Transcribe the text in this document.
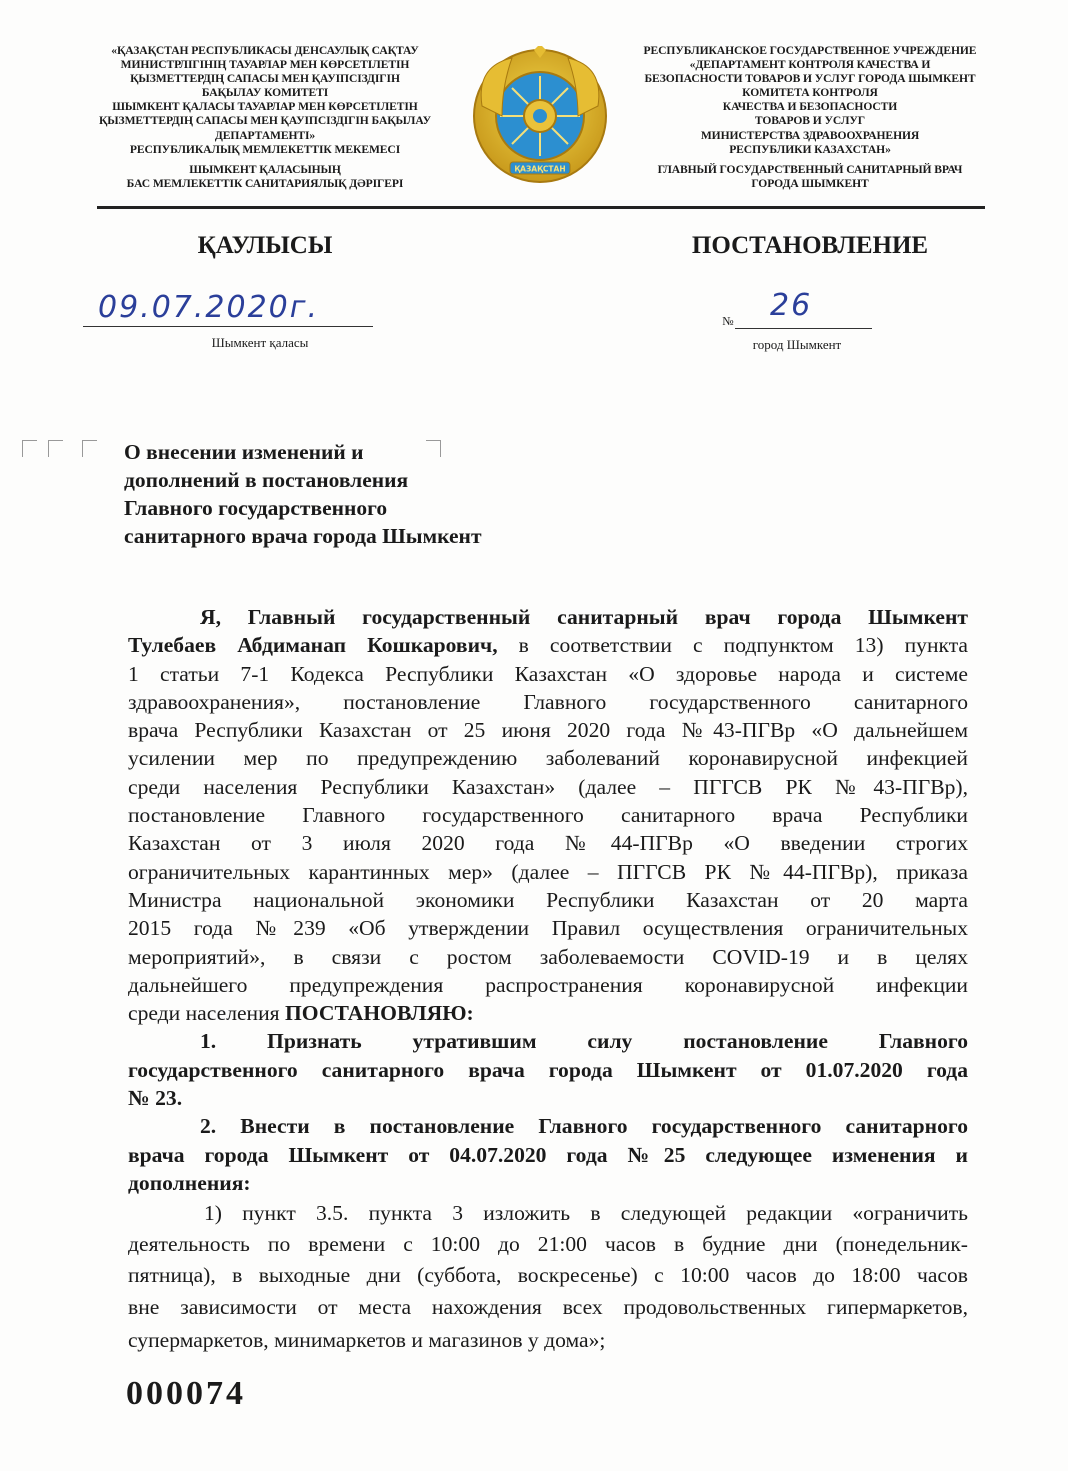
«ҚАЗАҚСТАН РЕСПУБЛИКАСЫ ДЕНСАУЛЫҚ САҚТАУ
МИНИСТРЛІГІНІҢ ТАУАРЛАР МЕН КӨРСЕТІЛЕТІН
ҚЫЗМЕТТЕРДІҢ САПАСЫ МЕН ҚАУІПСІЗДІГІН
БАҚЫЛАУ КОМИТЕТІ
ШЫМКЕНТ ҚАЛАСЫ ТАУАРЛАР МЕН КӨРСЕТІЛЕТІН
ҚЫЗМЕТТЕРДІҢ САПАСЫ МЕН ҚАУІПСІЗДІГІН БАҚЫЛАУ
ДЕПАРТАМЕНТІ»
РЕСПУБЛИКАЛЫҚ МЕМЛЕКЕТТІК МЕКЕМЕСІ
ШЫМКЕНТ ҚАЛАСЫНЫҢ
БАС МЕМЛЕКЕТТІК САНИТАРИЯЛЫҚ ДӘРІГЕРІ
ҚАЗАҚСТАН
РЕСПУБЛИКАНСКОЕ ГОСУДАРСТВЕННОЕ УЧРЕЖДЕНИЕ
«ДЕПАРТАМЕНТ КОНТРОЛЯ КАЧЕСТВА И
БЕЗОПАСНОСТИ ТОВАРОВ И УСЛУГ ГОРОДА ШЫМКЕНТ
КОМИТЕТА КОНТРОЛЯ
КАЧЕСТВА И БЕЗОПАСНОСТИ
ТОВАРОВ И УСЛУГ
МИНИСТЕРСТВА ЗДРАВООХРАНЕНИЯ
РЕСПУБЛИКИ КАЗАХСТАН»
ГЛАВНЫЙ ГОСУДАРСТВЕННЫЙ САНИТАРНЫЙ ВРАЧ
ГОРОДА ШЫМКЕНТ
ҚАУЛЫСЫ	ПОСТАНОВЛЕНИЕ
09.07.2020г.
Шымкент қаласы
№ 26
город Шымкент
О внесении изменений и
дополнений в постановления
Главного государственного
санитарного врача города Шымкент
Я, Главный государственный санитарный врач города Шымкент
Тулебаев Абдиманап Кошкарович, в соответствии с подпунктом 13) пункта
1 статьи 7-1 Кодекса Республики Казахстан «О здоровье народа и системе
здравоохранения», постановление Главного государственного санитарного
врача Республики Казахстан от 25 июня 2020 года №43-ПГВр «О дальнейшем
усилении мер по предупреждению заболеваний коронавирусной инфекцией
среди населения Республики Казахстан» (далее – ПГГСВ РК №43-ПГВр),
постановление Главного государственного санитарного врача Республики
Казахстан от 3 июля 2020 года №44-ПГВр «О введении строгих
ограничительных карантинных мер» (далее – ПГГСВ РК №44-ПГВр), приказа
Министра национальной экономики Республики Казахстан от 20 марта
2015 года №239 «Об утверждении Правил осуществления ограничительных
мероприятий», в связи с ростом заболеваемости COVID-19 и в целях
дальнейшего предупреждения распространения коронавирусной инфекции
среди населения ПОСТАНОВЛЯЮ:
1. Признать утратившим силу постановление Главного
государственного санитарного врача города Шымкент от 01.07.2020 года
№ 23.
2. Внести в постановление Главного государственного санитарного
врача города Шымкент от 04.07.2020 года №25 следующее изменения и
дополнения:
1) пункт 3.5. пункта 3 изложить в следующей редакции «ограничить
деятельность по времени с 10:00 до 21:00 часов в будние дни (понедельник-
пятница), в выходные дни (суббота, воскресенье) с 10:00 часов до 18:00 часов
вне зависимости от места нахождения всех продовольственных гипермаркетов,
супермаркетов, минимаркетов и магазинов у дома»;
000074
